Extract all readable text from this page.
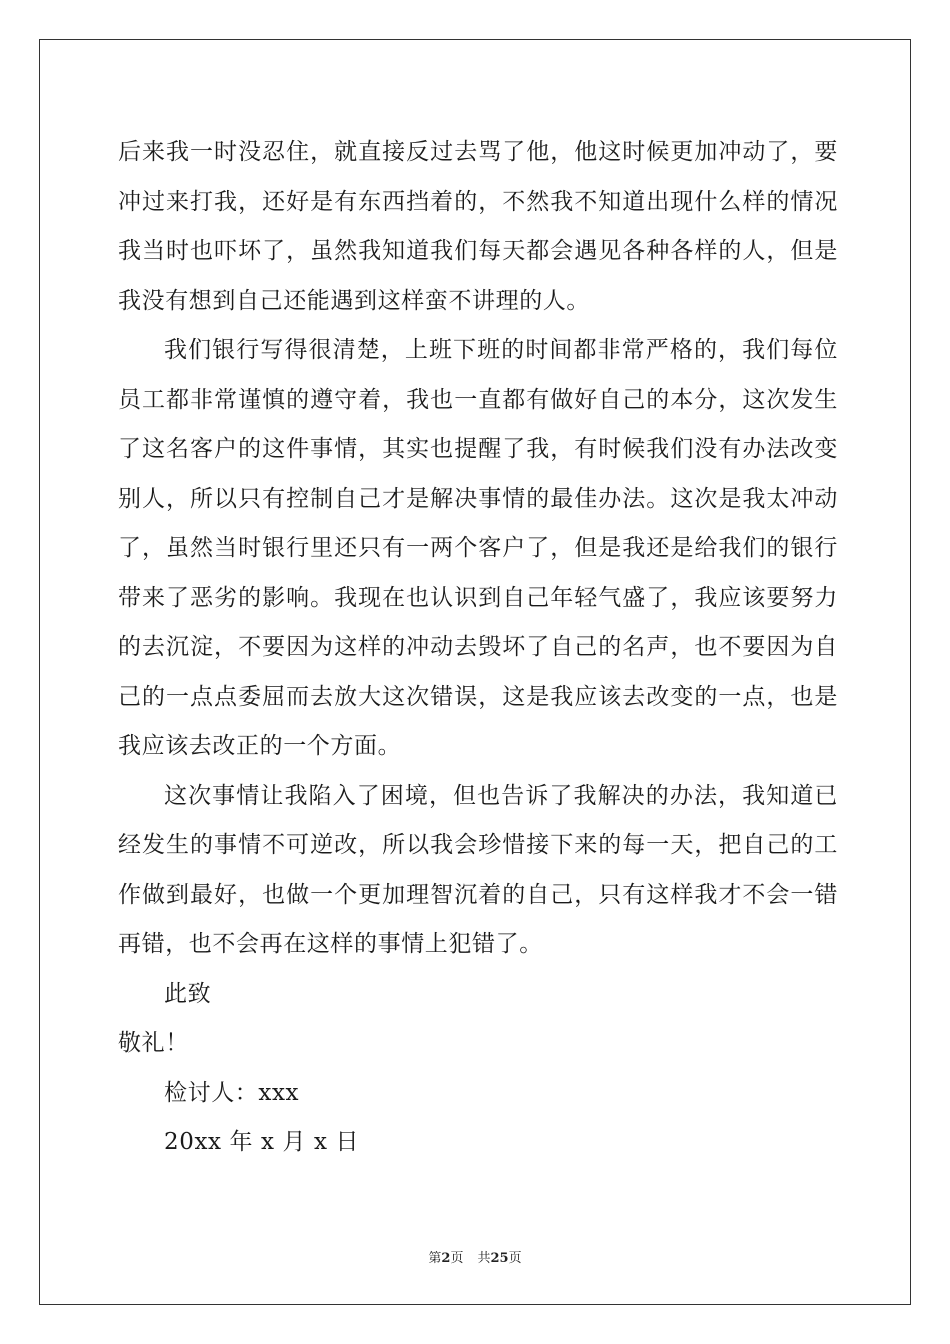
后来我一时没忍住，就直接反过去骂了他，他这时候更加冲动了，要
冲过来打我，还好是有东西挡着的，不然我不知道出现什么样的情况
我当时也吓坏了，虽然我知道我们每天都会遇见各种各样的人，但是
我没有想到自己还能遇到这样蛮不讲理的人。
我们银行写得很清楚，上班下班的时间都非常严格的，我们每位
员工都非常谨慎的遵守着，我也一直都有做好自己的本分，这次发生
了这名客户的这件事情，其实也提醒了我，有时候我们没有办法改变
别人，所以只有控制自己才是解决事情的最佳办法。这次是我太冲动
了，虽然当时银行里还只有一两个客户了，但是我还是给我们的银行
带来了恶劣的影响。我现在也认识到自己年轻气盛了，我应该要努力
的去沉淀，不要因为这样的冲动去毁坏了自己的名声，也不要因为自
己的一点点委屈而去放大这次错误，这是我应该去改变的一点，也是
我应该去改正的一个方面。
这次事情让我陷入了困境，但也告诉了我解决的办法，我知道已
经发生的事情不可逆改，所以我会珍惜接下来的每一天，把自己的工
作做到最好，也做一个更加理智沉着的自己，只有这样我才不会一错
再错，也不会再在这样的事情上犯错了。
此致
敬礼！
检讨人：xxx
20xx 年 x 月 x 日
第2页 共25页
